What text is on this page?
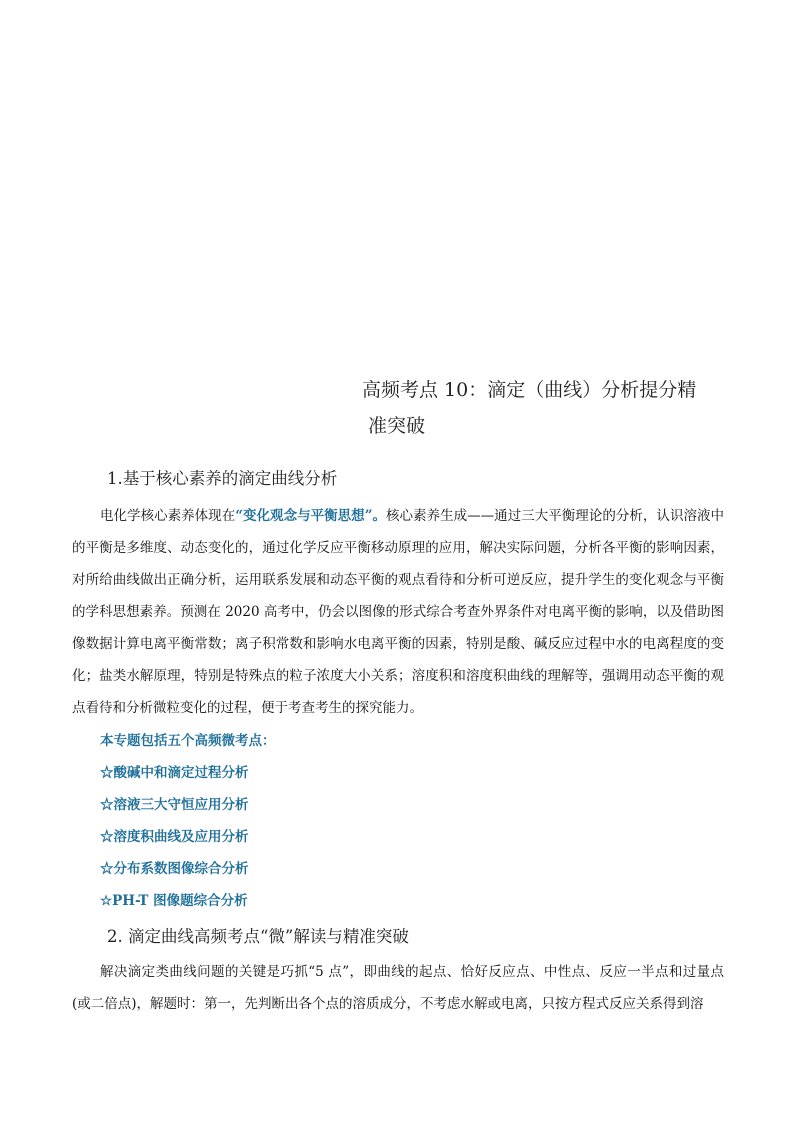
高频考点 10：滴定（曲线）分析提分精
准突破
1.基于核心素养的滴定曲线分析
电化学核心素养体现在“变化观念与平衡思想”。核心素养生成——通过三大平衡理论的分析，认识溶液中的平衡是多维度、动态变化的，通过化学反应平衡移动原理的应用，解决实际问题，分析各平衡的影响因素，对所给曲线做出正确分析，运用联系发展和动态平衡的观点看待和分析可逆反应，提升学生的变化观念与平衡的学科思想素养。预测在 2020 高考中，仍会以图像的形式综合考查外界条件对电离平衡的影响，以及借助图像数据计算电离平衡常数；离子积常数和影响水电离平衡的因素，特别是酸、碱反应过程中水的电离程度的变化；盐类水解原理，特别是特殊点的粒子浓度大小关系；溶度积和溶度积曲线的理解等，强调用动态平衡的观点看待和分析微粒变化的过程，便于考查考生的探究能力。
本专题包括五个高频微考点：
☆酸碱中和滴定过程分析
☆溶液三大守恒应用分析
☆溶度积曲线及应用分析
☆分布系数图像综合分析
☆PH-T 图像题综合分析
2. 滴定曲线高频考点“微”解读与精准突破
解决滴定类曲线问题的关键是巧抓“5 点”，即曲线的起点、恰好反应点、中性点、反应一半点和过量点(或二倍点)，解题时：第一，先判断出各个点的溶质成分，不考虑水解或电离，只按方程式反应关系得到溶
